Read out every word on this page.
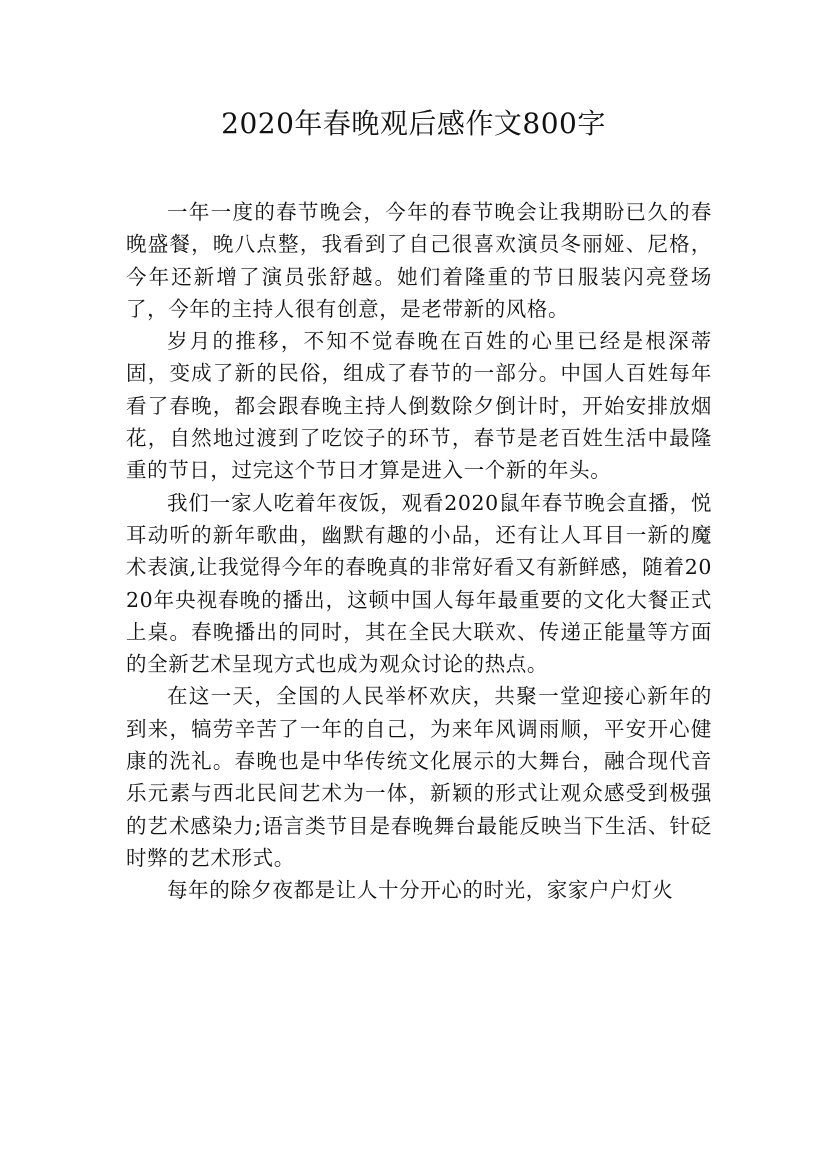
2020年春晚观后感作文800字

一年一度的春节晚会，今年的春节晚会让我期盼已久的春晚盛餐，晚八点整，我看到了自己很喜欢演员冬丽娅、尼格，今年还新增了演员张舒越。她们着隆重的节日服装闪亮登场了，今年的主持人很有创意，是老带新的风格。

岁月的推移，不知不觉春晚在百姓的心里已经是根深蒂固，变成了新的民俗，组成了春节的一部分。中国人百姓每年看了春晚，都会跟春晚主持人倒数除夕倒计时，开始安排放烟花，自然地过渡到了吃饺子的环节，春节是老百姓生活中最隆重的节日，过完这个节日才算是进入一个新的年头。

我们一家人吃着年夜饭，观看2020鼠年春节晚会直播，悦耳动听的新年歌曲，幽默有趣的小品，还有让人耳目一新的魔术表演,让我觉得今年的春晚真的非常好看又有新鲜感，随着2020年央视春晚的播出，这顿中国人每年最重要的文化大餐正式上桌。春晚播出的同时，其在全民大联欢、传递正能量等方面的全新艺术呈现方式也成为观众讨论的热点。

在这一天，全国的人民举杯欢庆，共聚一堂迎接心新年的到来，犒劳辛苦了一年的自己，为来年风调雨顺，平安开心健康的洗礼。春晚也是中华传统文化展示的大舞台，融合现代音乐元素与西北民间艺术为一体，新颖的形式让观众感受到极强的艺术感染力;语言类节目是春晚舞台最能反映当下生活、针砭时弊的艺术形式。

每年的除夕夜都是让人十分开心的时光，家家户户灯火
